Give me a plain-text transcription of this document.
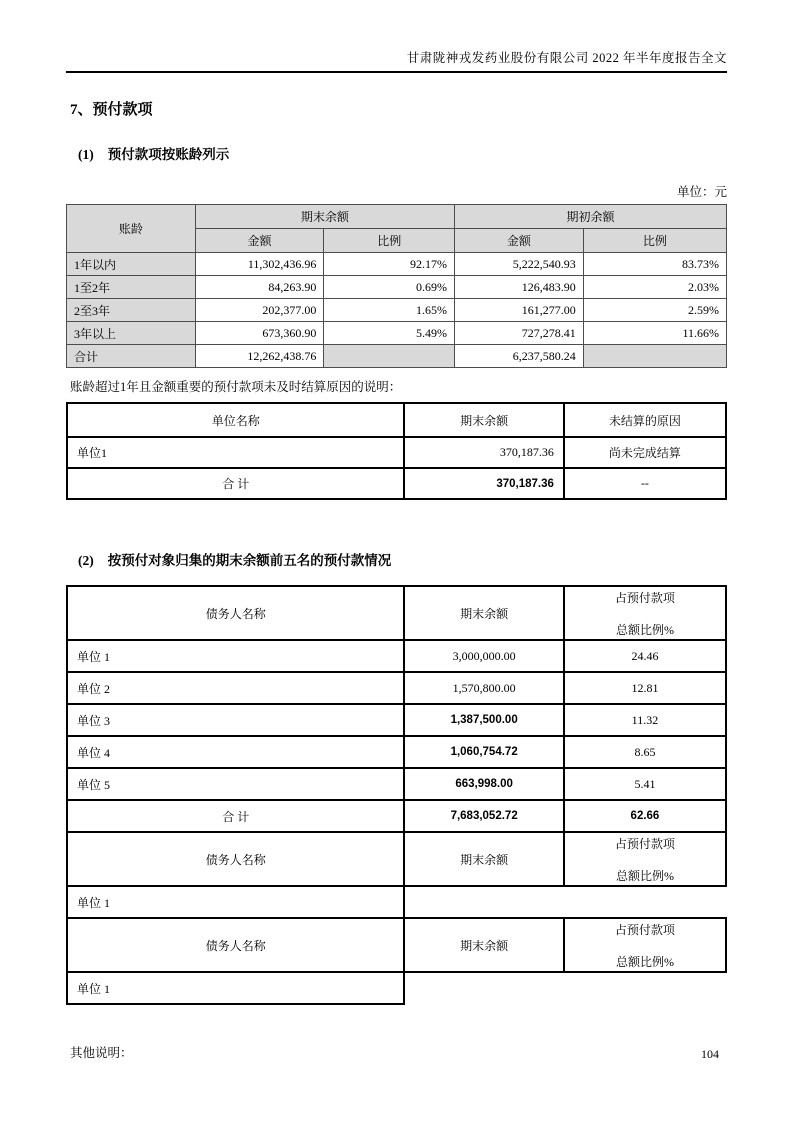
甘肃陇神戎发药业股份有限公司 2022 年半年度报告全文
7、预付款项
(1) 预付款项按账龄列示
单位：元
账龄	期末余额		期初余额	
	金额	比例	金额	比例
1年以内	11,302,436.96	92.17%	5,222,540.93	83.73%
1至2年	84,263.90	0.69%	126,483.90	2.03%
2至3年	202,377.00	1.65%	161,277.00	2.59%
3年以上	673,360.90	5.49%	727,278.41	11.66%
合计	12,262,438.76		6,237,580.24	
账龄超过1年且金额重要的预付款项未及时结算原因的说明：
单位名称	期末余额	未结算的原因
单位1	370,187.36	尚未完成结算
合 计	370,187.36	--
(2) 按预付对象归集的期末余额前五名的预付款情况
债务人名称	期末余额	占预付款项
总额比例%
单位 1	3,000,000.00	24.46
单位 2	1,570,800.00	12.81
单位 3	1,387,500.00	11.32
单位 4	1,060,754.72	8.65
单位 5	663,998.00	5.41
合 计	7,683,052.72	62.66
债务人名称	期末余额	占预付款项
总额比例%
单位 1		
债务人名称	期末余额	占预付款项
总额比例%
单位 1		
其他说明：	104
